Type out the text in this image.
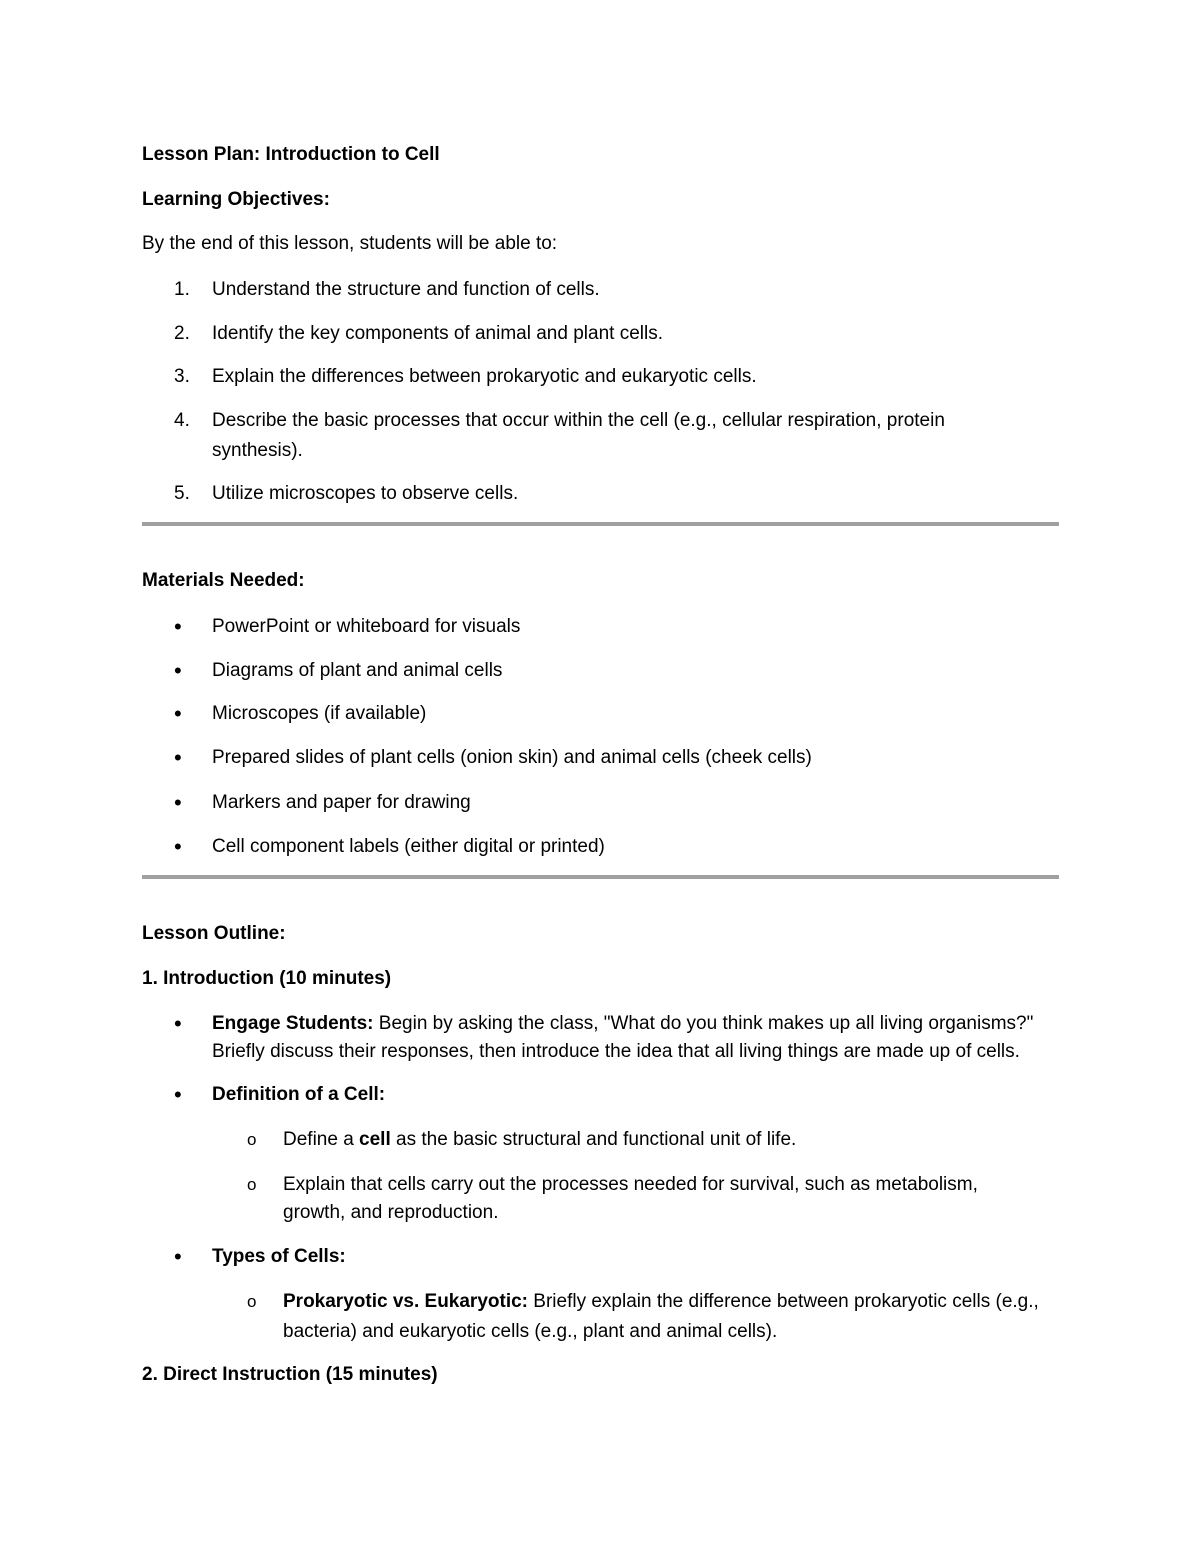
Lesson Plan: Introduction to Cell
Learning Objectives:
By the end of this lesson, students will be able to:
1. Understand the structure and function of cells.
2. Identify the key components of animal and plant cells.
3. Explain the differences between prokaryotic and eukaryotic cells.
4. Describe the basic processes that occur within the cell (e.g., cellular respiration, protein
synthesis).
5. Utilize microscopes to observe cells.
Materials Needed:
• PowerPoint or whiteboard for visuals
• Diagrams of plant and animal cells
• Microscopes (if available)
• Prepared slides of plant cells (onion skin) and animal cells (cheek cells)
• Markers and paper for drawing
• Cell component labels (either digital or printed)
Lesson Outline:
1. Introduction (10 minutes)
• Engage Students: Begin by asking the class, "What do you think makes up all living organisms?"
Briefly discuss their responses, then introduce the idea that all living things are made up of cells.
• Definition of a Cell:
o Define a cell as the basic structural and functional unit of life.
o Explain that cells carry out the processes needed for survival, such as metabolism,
growth, and reproduction.
• Types of Cells:
o Prokaryotic vs. Eukaryotic: Briefly explain the difference between prokaryotic cells (e.g.,
bacteria) and eukaryotic cells (e.g., plant and animal cells).
2. Direct Instruction (15 minutes)
